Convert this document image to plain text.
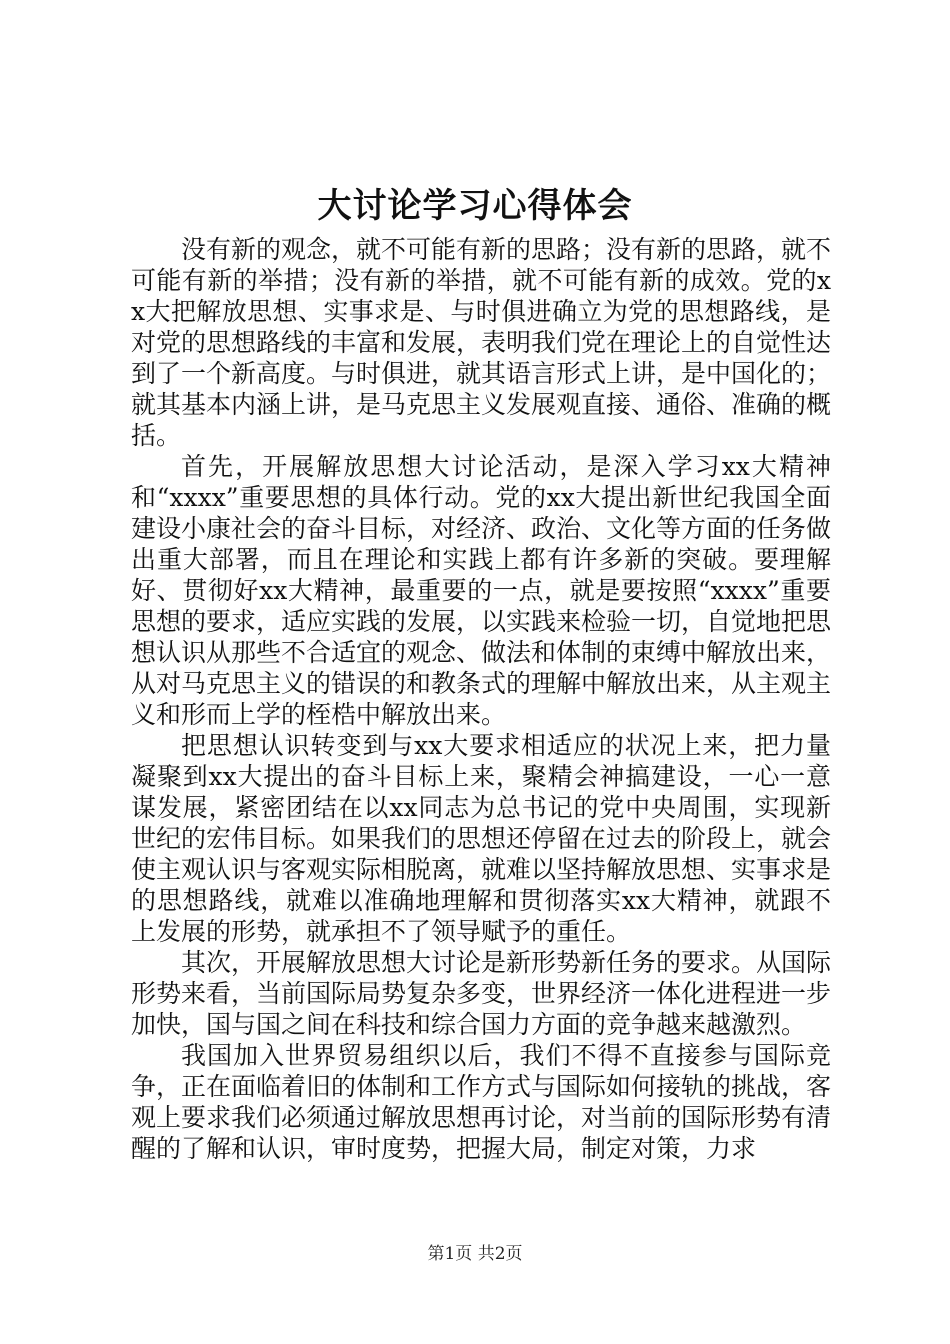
大讨论学习心得体会

没有新的观念，就不可能有新的思路；没有新的思路，就不可能有新的举措；没有新的举措，就不可能有新的成效。党的xx大把解放思想、实事求是、与时俱进确立为党的思想路线，是对党的思想路线的丰富和发展，表明我们党在理论上的自觉性达到了一个新高度。与时俱进，就其语言形式上讲，是中国化的；就其基本内涵上讲，是马克思主义发展观直接、通俗、准确的概括。

首先，开展解放思想大讨论活动，是深入学习xx大精神和“xxxx”重要思想的具体行动。党的xx大提出新世纪我国全面建设小康社会的奋斗目标，对经济、政治、文化等方面的任务做出重大部署，而且在理论和实践上都有许多新的突破。要理解好、贯彻好xx大精神，最重要的一点，就是要按照“xxxx”重要思想的要求，适应实践的发展，以实践来检验一切，自觉地把思想认识从那些不合适宜的观念、做法和体制的束缚中解放出来，从对马克思主义的错误的和教条式的理解中解放出来，从主观主义和形而上学的桎梏中解放出来。

把思想认识转变到与xx大要求相适应的状况上来，把力量凝聚到xx大提出的奋斗目标上来，聚精会神搞建设，一心一意谋发展，紧密团结在以xx同志为总书记的党中央周围，实现新世纪的宏伟目标。如果我们的思想还停留在过去的阶段上，就会使主观认识与客观实际相脱离，就难以坚持解放思想、实事求是的思想路线，就难以准确地理解和贯彻落实xx大精神，就跟不上发展的形势，就承担不了领导赋予的重任。

其次，开展解放思想大讨论是新形势新任务的要求。从国际形势来看，当前国际局势复杂多变，世界经济一体化进程进一步加快，国与国之间在科技和综合国力方面的竞争越来越激烈。

我国加入世界贸易组织以后，我们不得不直接参与国际竞争，正在面临着旧的体制和工作方式与国际如何接轨的挑战，客观上要求我们必须通过解放思想再讨论，对当前的国际形势有清醒的了解和认识，审时度势，把握大局，制定对策，力求

第1页 共2页
